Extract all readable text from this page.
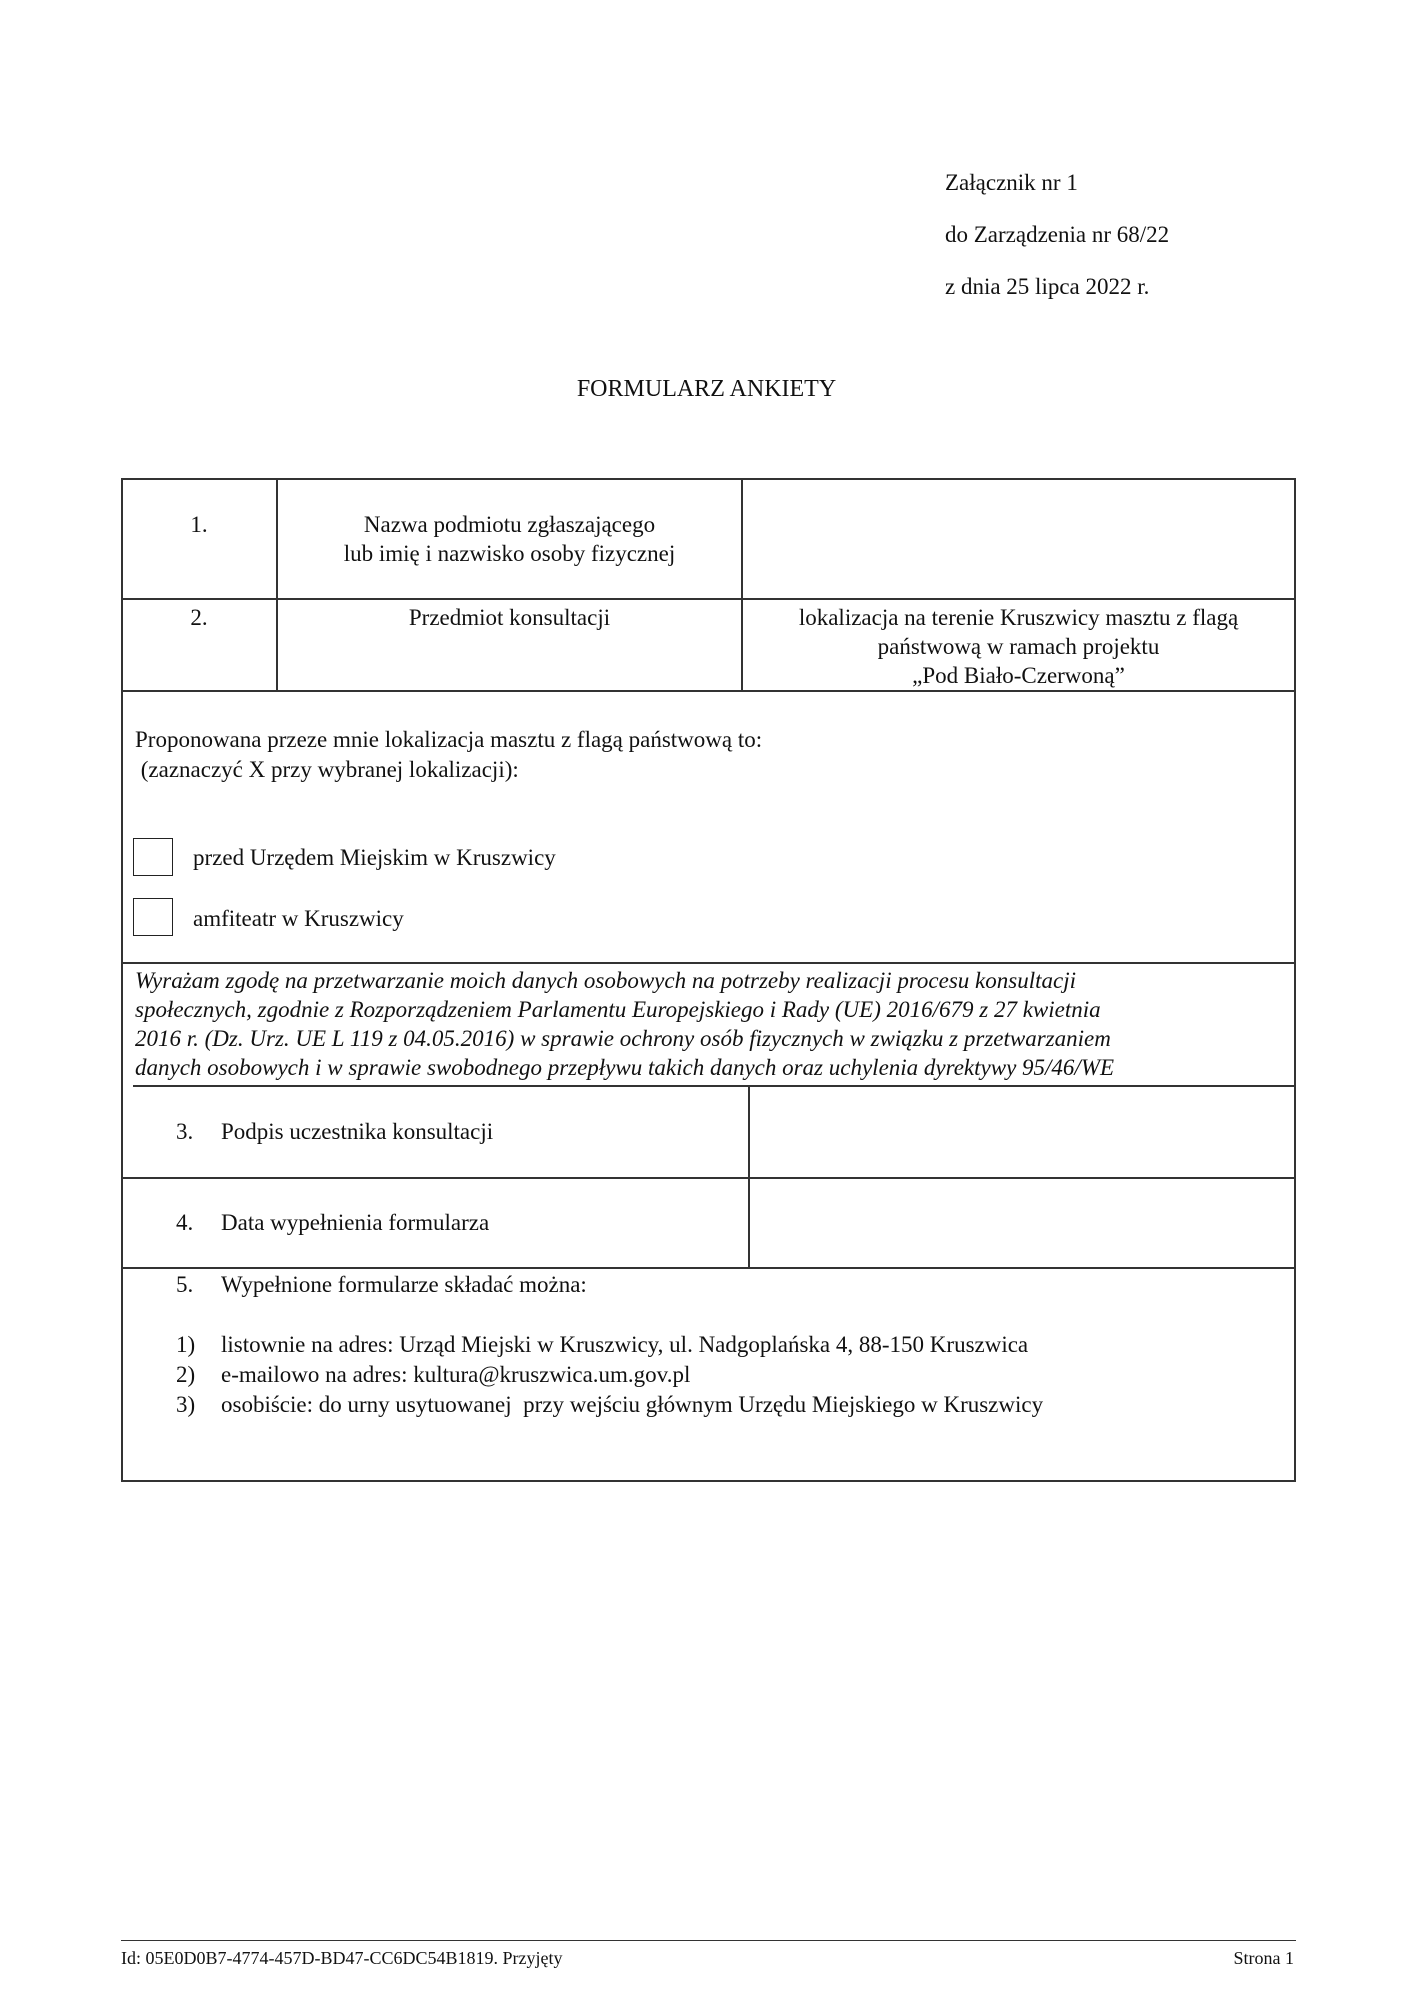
Załącznik nr 1
do Zarządzenia nr 68/22
z dnia 25 lipca 2022 r.
FORMULARZ ANKIETY
1.	Nazwa podmiotu zgłaszającego
lub imię i nazwisko osoby fizycznej
2.	Przedmiot konsultacji	lokalizacja na terenie Kruszwicy masztu z flagą
państwową w ramach projektu
„Pod Biało-Czerwoną”
Proponowana przeze mnie lokalizacja masztu z flagą państwową to:
(zaznaczyć X przy wybranej lokalizacji):
przed Urzędem Miejskim w Kruszwicy
amfiteatr w Kruszwicy
Wyrażam zgodę na przetwarzanie moich danych osobowych na potrzeby realizacji procesu konsultacji
społecznych, zgodnie z Rozporządzeniem Parlamentu Europejskiego i Rady (UE) 2016/679 z 27 kwietnia
2016 r. (Dz. Urz. UE L 119 z 04.05.2016) w sprawie ochrony osób fizycznych w związku z przetwarzaniem
danych osobowych i w sprawie swobodnego przepływu takich danych oraz uchylenia dyrektywy 95/46/WE
3. Podpis uczestnika konsultacji
4. Data wypełnienia formularza
5. Wypełnione formularze składać można:
1) listownie na adres: Urząd Miejski w Kruszwicy, ul. Nadgoplańska 4, 88-150 Kruszwica
2) e-mailowo na adres: kultura@kruszwica.um.gov.pl
3) osobiście: do urny usytuowanej  przy wejściu głównym Urzędu Miejskiego w Kruszwicy
Id: 05E0D0B7-4774-457D-BD47-CC6DC54B1819. Przyjęty	Strona 1
